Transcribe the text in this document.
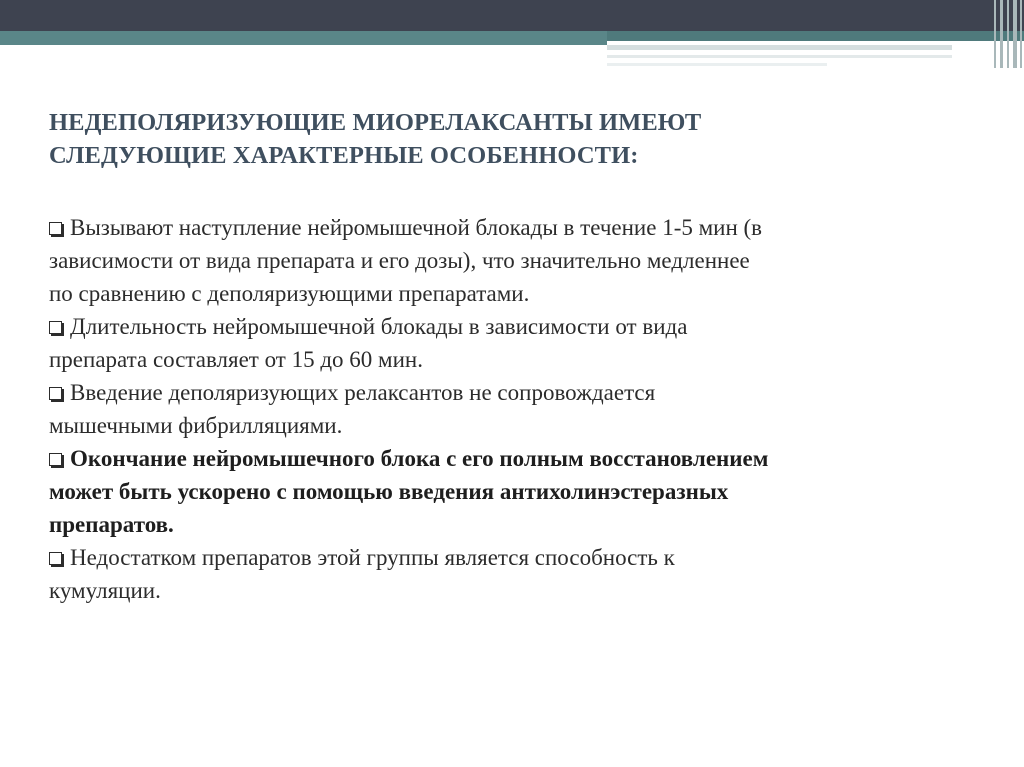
НЕДЕПОЛЯРИЗУЮЩИЕ МИОРЕЛАКСАНТЫ ИМЕЮТ
СЛЕДУЮЩИЕ ХАРАКТЕРНЫЕ ОСОБЕННОСТИ:

Вызывают наступление нейромышечной блокады в течение 1-5 мин (в
зависимости от вида препарата и его дозы), что значительно медленнее
по сравнению с деполяризующими препаратами.

Длительность нейромышечной блокады в зависимости от вида
препарата составляет от 15 до 60 мин.

Введение деполяризующих релаксантов не сопровождается
мышечными фибрилляциями.

Окончание нейромышечного блока с его полным восстановлением
может быть ускорено с помощью введения антихолинэстеразных
препаратов.

Недостатком препаратов этой группы является способность к
кумуляции.
